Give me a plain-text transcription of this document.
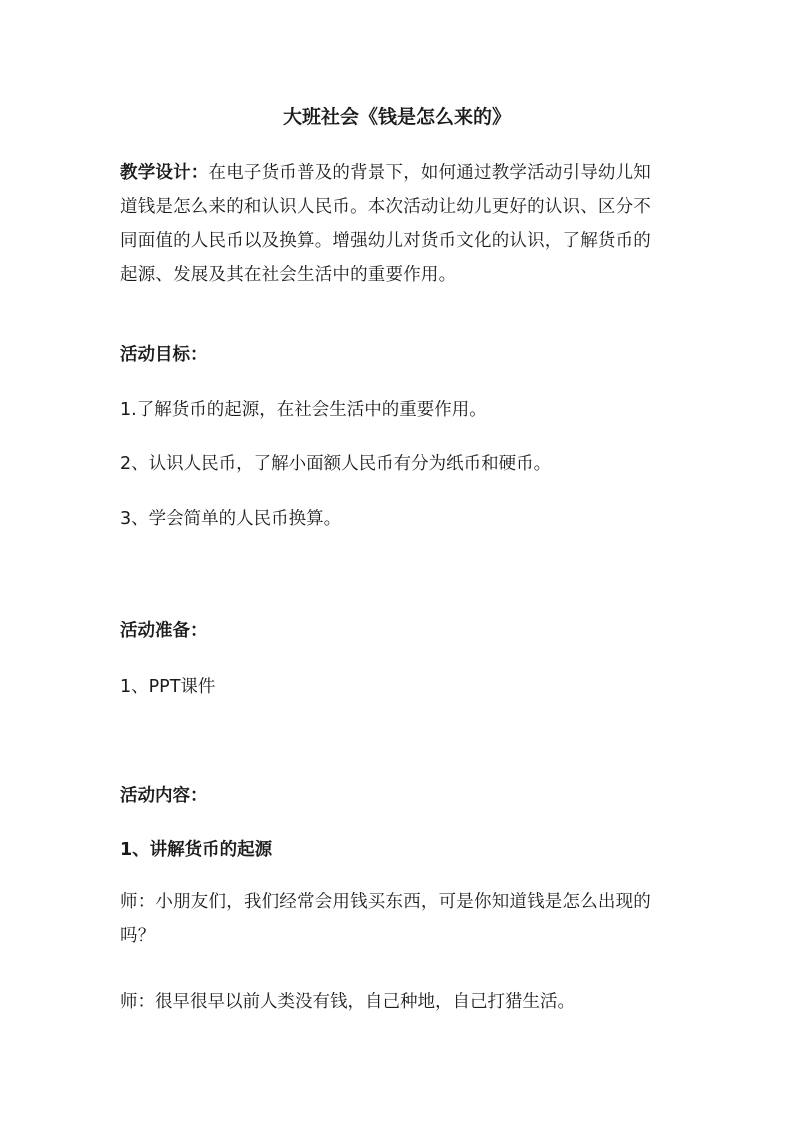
大班社会《钱是怎么来的》
教学设计：在电子货币普及的背景下，如何通过教学活动引导幼儿知道钱是怎么来的和认识人民币。本次活动让幼儿更好的认识、区分不同面值的人民币以及换算。增强幼儿对货币文化的认识，了解货币的起源、发展及其在社会生活中的重要作用。
活动目标：
1.了解货币的起源，在社会生活中的重要作用。
2、认识人民币，了解小面额人民币有分为纸币和硬币。
3、学会简单的人民币换算。
活动准备：
1、PPT课件
活动内容：
1、讲解货币的起源
师：小朋友们，我们经常会用钱买东西，可是你知道钱是怎么出现的吗？
师：很早很早以前人类没有钱，自己种地，自己打猎生活。
